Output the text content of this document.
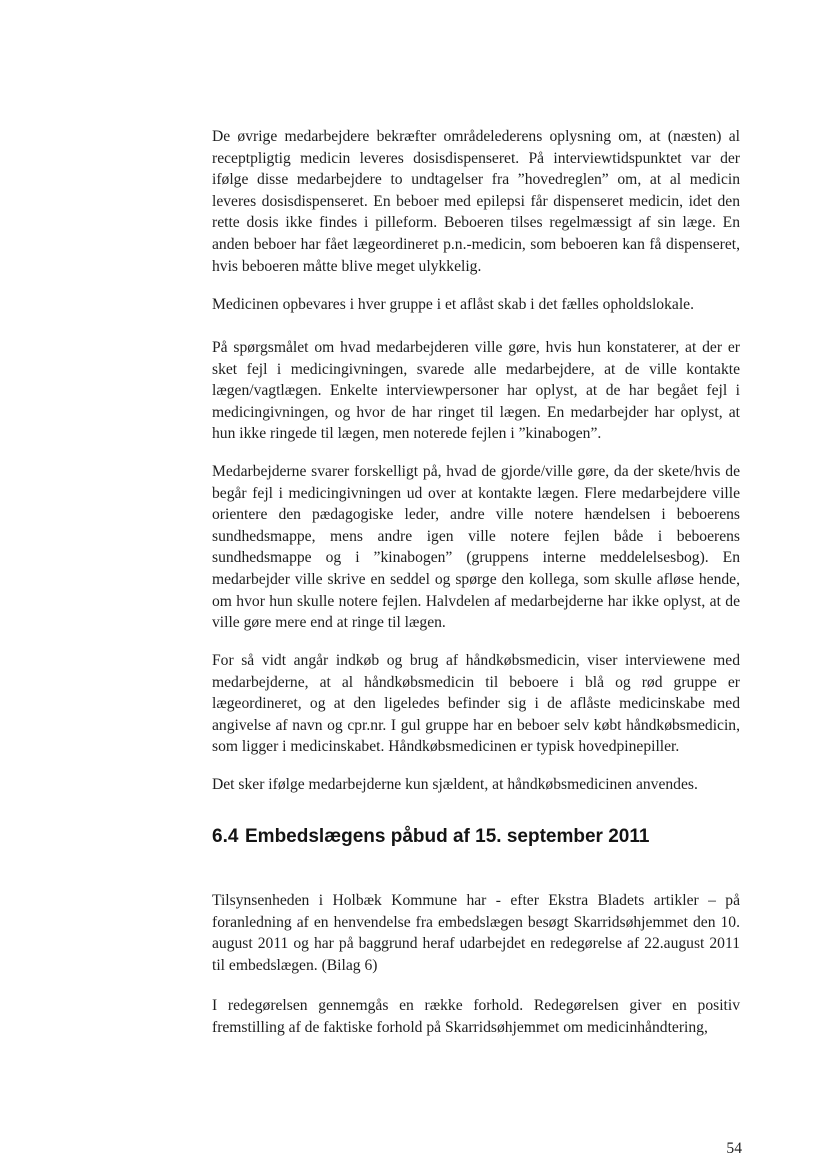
De øvrige medarbejdere bekræfter områdelederens oplysning om, at (næsten) al receptpligtig medicin leveres dosisdispenseret. På interviewtidspunktet var der ifølge disse medarbejdere to undtagelser fra ”hovedreglen” om, at al medicin leveres dosisdispenseret. En beboer med epilepsi får dispenseret medicin, idet den rette dosis ikke findes i pilleform. Beboeren tilses regelmæssigt af sin læge. En anden beboer har fået lægeordineret p.n.-medicin, som beboeren kan få dispenseret, hvis beboeren måtte blive meget ulykkelig.

Medicinen opbevares i hver gruppe i et aflåst skab i det fælles opholdslokale.

På spørgsmålet om hvad medarbejderen ville gøre, hvis hun konstaterer, at der er sket fejl i medicingivningen, svarede alle medarbejdere, at de ville kontakte lægen/vagtlægen. Enkelte interviewpersoner har oplyst, at de har begået fejl i medicingivningen, og hvor de har ringet til lægen. En medarbejder har oplyst, at hun ikke ringede til lægen, men noterede fejlen i ”kinabogen”.

Medarbejderne svarer forskelligt på, hvad de gjorde/ville gøre, da der skete/hvis de begår fejl i medicingivningen ud over at kontakte lægen. Flere medarbejdere ville orientere den pædagogiske leder, andre ville notere hændelsen i beboerens sundhedsmappe, mens andre igen ville notere fejlen både i beboerens sundhedsmappe og i ”kinabogen” (gruppens interne meddelelsesbog). En medarbejder ville skrive en seddel og spørge den kollega, som skulle afløse hende, om hvor hun skulle notere fejlen. Halvdelen af medarbejderne har ikke oplyst, at de ville gøre mere end at ringe til lægen.

For så vidt angår indkøb og brug af håndkøbsmedicin, viser interviewene med medarbejderne, at al håndkøbsmedicin til beboere i blå og rød gruppe er lægeordineret, og at den ligeledes befinder sig i de aflåste medicinskabe med angivelse af navn og cpr.nr. I gul gruppe har en beboer selv købt håndkøbsmedicin, som ligger i medicinskabet. Håndkøbsmedicinen er typisk hovedpinepiller.

Det sker ifølge medarbejderne kun sjældent, at håndkøbsmedicinen anvendes.

6.4 Embedslægens påbud af 15. september 2011

Tilsynsenheden i Holbæk Kommune har - efter Ekstra Bladets artikler – på foranledning af en henvendelse fra embedslægen besøgt Skarridsøhjemmet den 10. august 2011 og har på baggrund heraf udarbejdet en redegørelse af 22.august 2011 til embedslægen. (Bilag 6)

I redegørelsen gennemgås en række forhold. Redegørelsen giver en positiv fremstilling af de faktiske forhold på Skarridsøhjemmet om medicinhåndtering,

54
